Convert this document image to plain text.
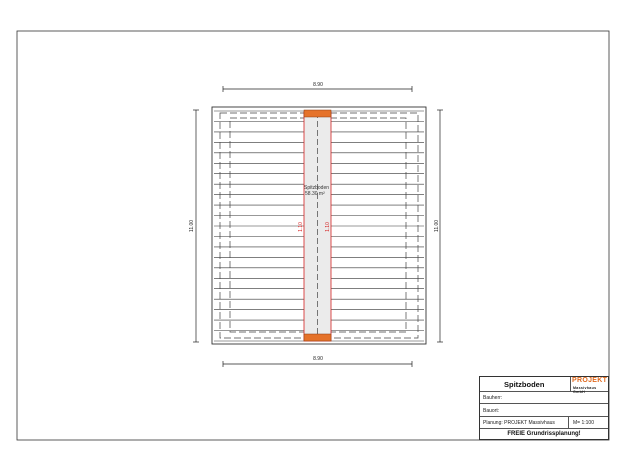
8.90
8.90
11.00	11.00
Spitzboden
58.30 m²
1.10	1.10
Spitzboden	PROJEKT
Massivhaus GmbH
Bauherr:
Bauort:
Planung: PROJEKT Massivhaus	M= 1:100
FREIE Grundrissplanung!
